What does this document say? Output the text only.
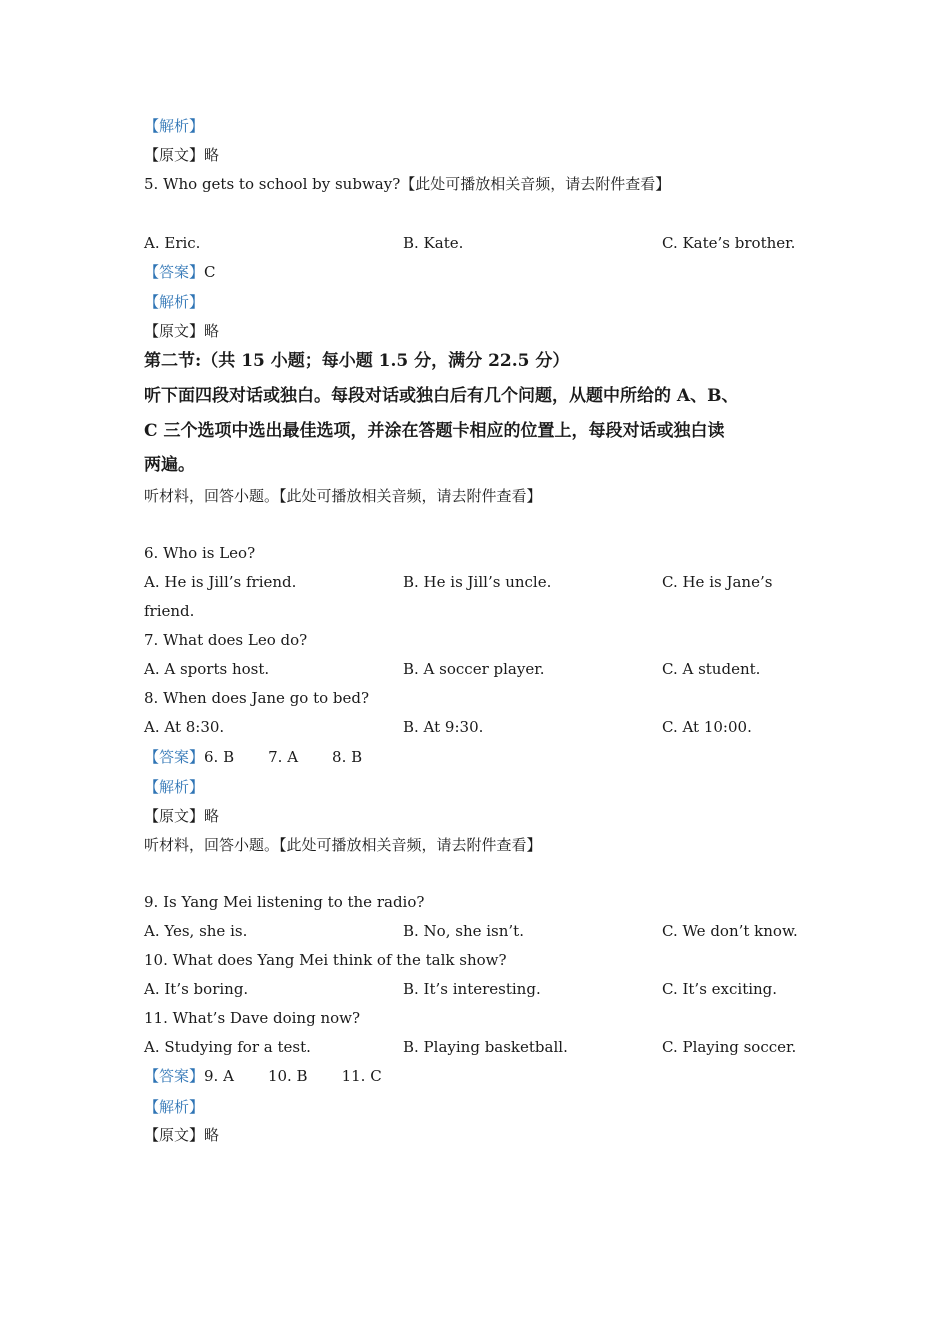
【解析】
【原文】略
5. Who gets to school by subway?【此处可播放相关音频，请去附件查看】
A. Eric.	B. Kate.	C. Kate’s brother.
【答案】C
【解析】
【原文】略
第二节:（共 15 小题；每小题 1.5 分，满分 22.5 分）
听下面四段对话或独白。每段对话或独白后有几个问题，从题中所给的 A、B、
C 三个选项中选出最佳选项，并涂在答题卡相应的位置上，每段对话或独白读
两遍。
听材料，回答小题。【此处可播放相关音频，请去附件查看】
6. Who is Leo?
A. He is Jill’s friend.	B. He is Jill’s uncle.	C. He is Jane’s
friend.
7. What does Leo do?
A. A sports host.	B. A soccer player.	C. A student.
8. When does Jane go to bed?
A. At 8:30.	B. At 9:30.	C. At 10:00.
【答案】6. B 7. A 8. B
【解析】
【原文】略
听材料，回答小题。【此处可播放相关音频，请去附件查看】
9. Is Yang Mei listening to the radio?
A. Yes, she is.	B. No, she isn’t.	C. We don’t know.
10. What does Yang Mei think of the talk show?
A. It’s boring.	B. It’s interesting.	C. It’s exciting.
11. What’s Dave doing now?
A. Studying for a test.	B. Playing basketball.	C. Playing soccer.
【答案】9. A 10. B 11. C
【解析】
【原文】略
